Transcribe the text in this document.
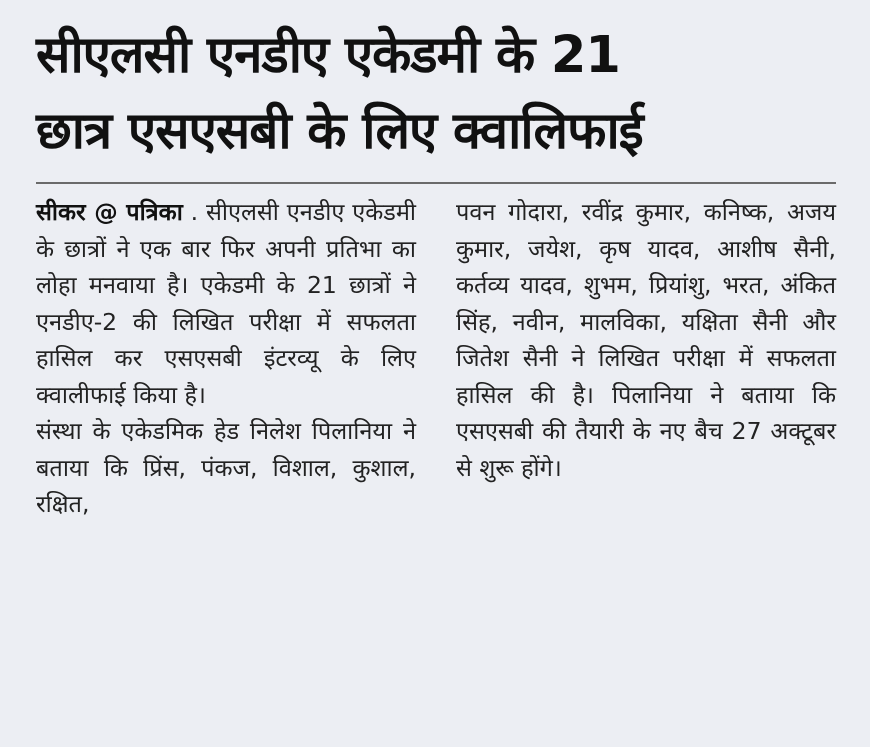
सीएलसी एनडीए एकेडमी के 21
छात्र एसएसबी के लिए क्वालिफाई

सीकर @ पत्रिका . सीएलसी एनडीए एकेडमी के छात्रों ने एक बार फिर अपनी प्रतिभा का लोहा मनवाया है। एकेडमी के 21 छात्रों ने एनडीए-2 की लिखित परीक्षा में सफलता हासिल कर एसएसबी इंटरव्यू के लिए क्वालीफाई किया है।

संस्था के एकेडमिक हेड निलेश पिलानिया ने बताया कि प्रिंस, पंकज, विशाल, कुशाल, रक्षित,

पवन गोदारा, रवींद्र कुमार, कनिष्क, अजय कुमार, जयेश, कृष यादव, आशीष सैनी, कर्तव्य यादव, शुभम, प्रियांशु, भरत, अंकित सिंह, नवीन, मालविका, यक्षिता सैनी और जितेश सैनी ने लिखित परीक्षा में सफलता हासिल की है। पिलानिया ने बताया कि एसएसबी की तैयारी के नए बैच 27 अक्टूबर से शुरू होंगे।
